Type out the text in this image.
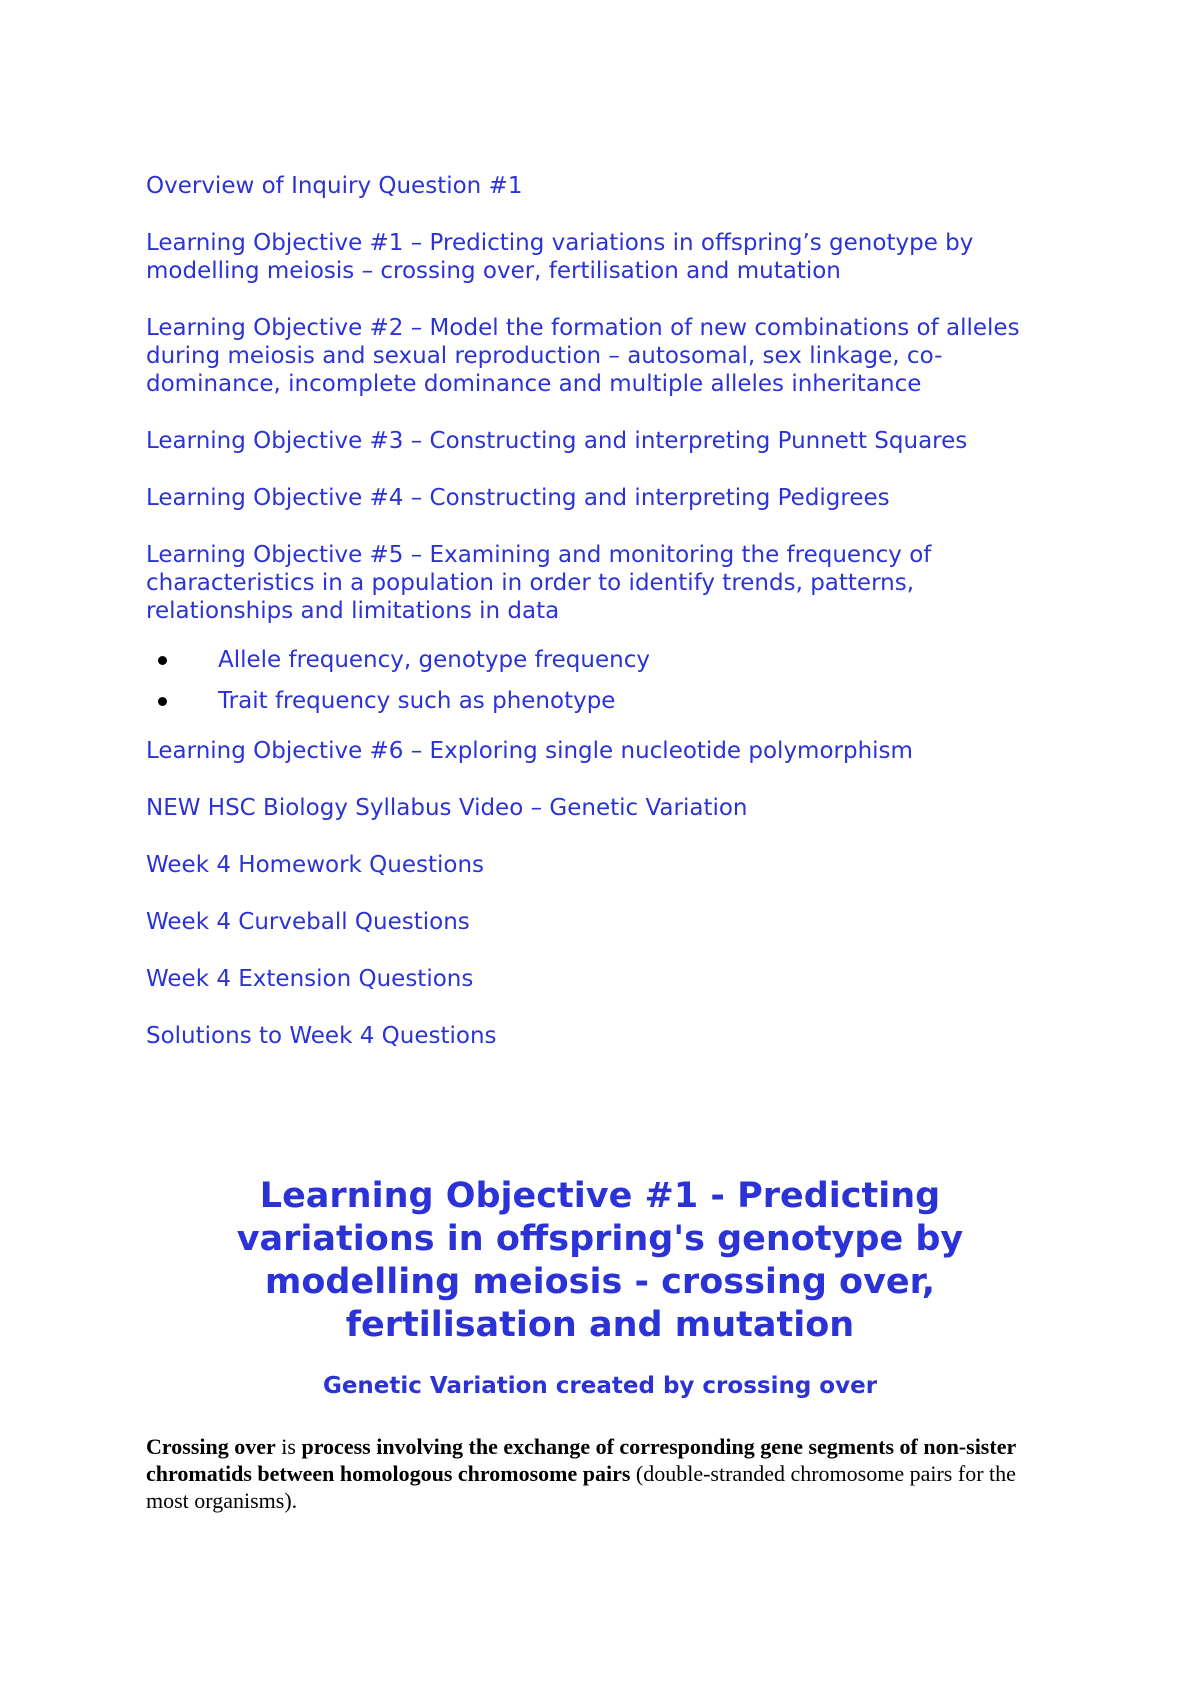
Overview of Inquiry Question #1
Learning Objective #1 – Predicting variations in offspring’s genotype by modelling meiosis – crossing over, fertilisation and mutation
Learning Objective #2 – Model the formation of new combinations of alleles during meiosis and sexual reproduction – autosomal, sex linkage, co-dominance, incomplete dominance and multiple alleles inheritance
Learning Objective #3 – Constructing and interpreting Punnett Squares
Learning Objective #4 – Constructing and interpreting Pedigrees
Learning Objective #5 – Examining and monitoring the frequency of characteristics in a population in order to identify trends, patterns, relationships and limitations in data
Allele frequency, genotype frequency
Trait frequency such as phenotype
Learning Objective #6 – Exploring single nucleotide polymorphism
NEW HSC Biology Syllabus Video – Genetic Variation
Week 4 Homework Questions
Week 4 Curveball Questions
Week 4 Extension Questions
Solutions to Week 4 Questions
Learning Objective #1 - Predicting variations in offspring's genotype by modelling meiosis - crossing over, fertilisation and mutation
Genetic Variation created by crossing over

Crossing over is process involving the exchange of corresponding gene segments of non-sister chromatids between homologous chromosome pairs (double-stranded chromosome pairs for the most organisms).
